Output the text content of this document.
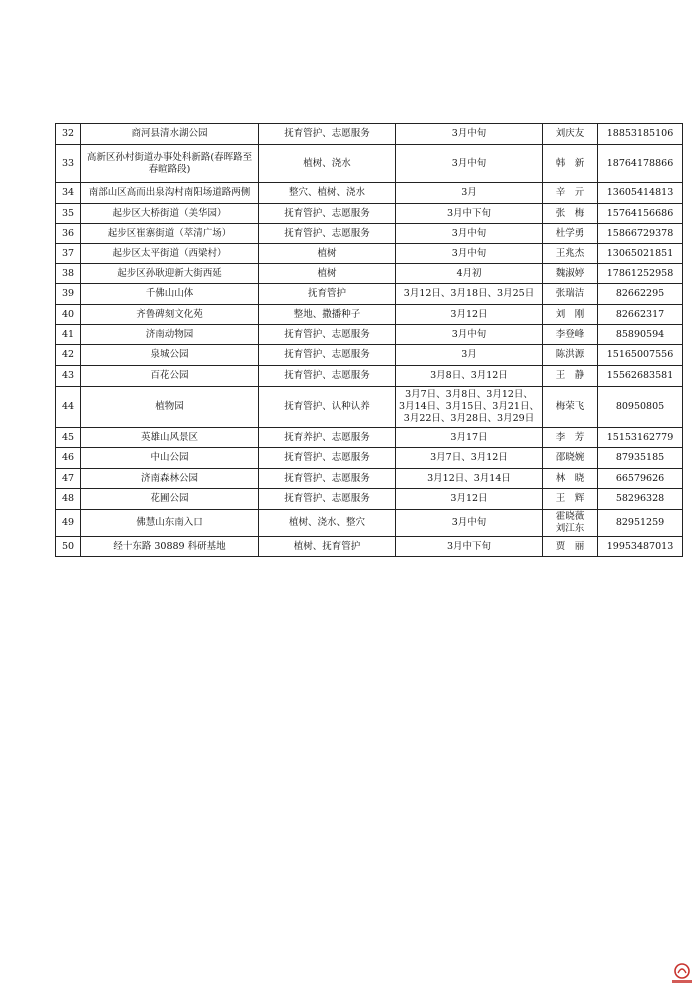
32	商河县清水湖公园	抚育管护、志愿服务	3月中旬	刘庆友	18853185106
33	高新区孙村街道办事处科新路(春晖路至春暄路段)	植树、浇水	3月中旬	韩　新	18764178866
34	南部山区高而出泉沟村南阳场道路两侧	整穴、植树、浇水	3月	辛　亓	13605414813
35	起步区大桥街道（美华园）	抚育管护、志愿服务	3月中下旬	张　梅	15764156686
36	起步区崔寨街道（萃清广场）	抚育管护、志愿服务	3月中旬	杜学勇	15866729378
37	起步区太平街道（西梁村）	植树	3月中旬	王兆杰	13065021851
38	起步区孙耿迎新大街西延	植树	4月初	魏淑婷	17861252958
39	千佛山山体	抚育管护	3月12日、3月18日、3月25日	张瑞洁	82662295
40	齐鲁碑刻文化苑	整地、撒播种子	3月12日	刘　刚	82662317
41	济南动物园	抚育管护、志愿服务	3月中旬	李登峰	85890594
42	泉城公园	抚育管护、志愿服务	3月	陈洪源	15165007556
43	百花公园	抚育管护、志愿服务	3月8日、3月12日	王　静	15562683581
44	植物园	抚育管护、认种认养	3月7日、3月8日、3月12日、
3月14日、3月15日、3月21日、
3月22日、3月28日、3月29日	梅荣飞	80950805
45	英雄山风景区	抚育养护、志愿服务	3月17日	李　芳	15153162779
46	中山公园	抚育管护、志愿服务	3月7日、3月12日	邵晓婉	87935185
47	济南森林公园	抚育管护、志愿服务	3月12日、3月14日	林　晓	66579626
48	花圃公园	抚育管护、志愿服务	3月12日	王　辉	58296328
49	佛慧山东南入口	植树、浇水、整穴	3月中旬	霍晓薇
刘江东	82951259
50	经十东路 30889 科研基地	植树、抚育管护	3月中下旬	贾　丽	19953487013
